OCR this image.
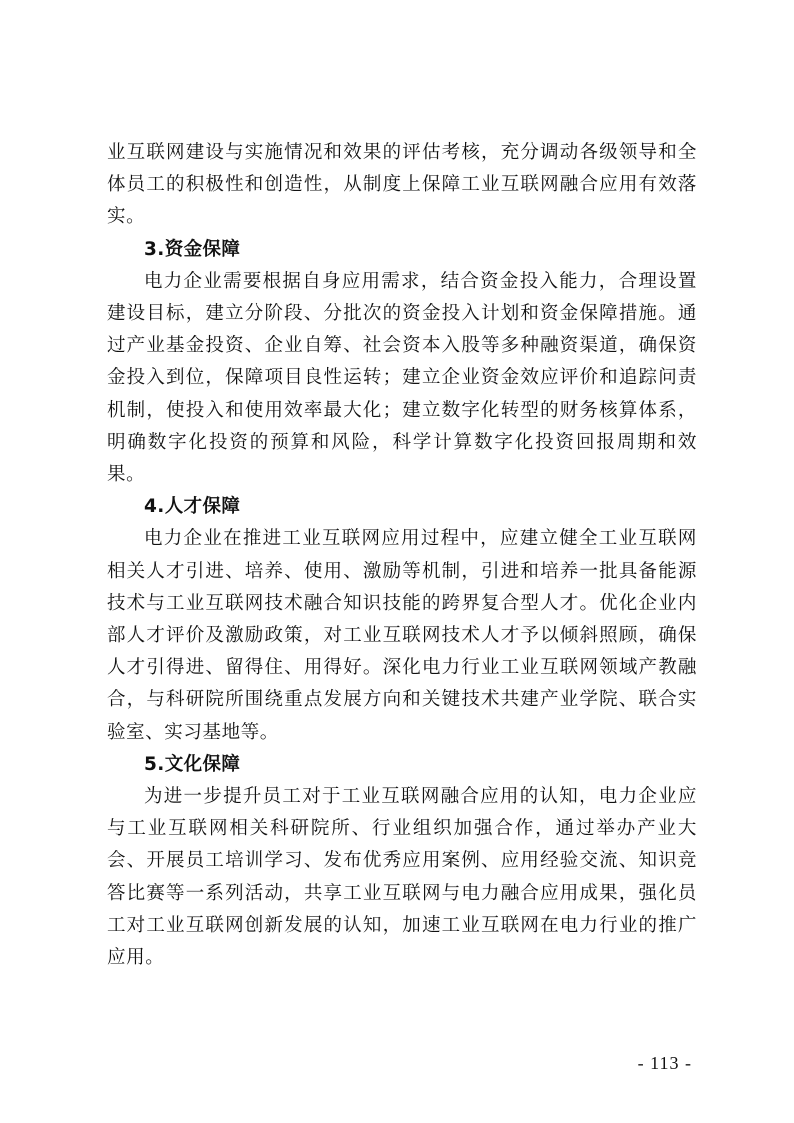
业互联网建设与实施情况和效果的评估考核，充分调动各级领导和全体员工的积极性和创造性，从制度上保障工业互联网融合应用有效落实。

3.资金保障

电力企业需要根据自身应用需求，结合资金投入能力，合理设置建设目标，建立分阶段、分批次的资金投入计划和资金保障措施。通过产业基金投资、企业自筹、社会资本入股等多种融资渠道，确保资金投入到位，保障项目良性运转；建立企业资金效应评价和追踪问责机制，使投入和使用效率最大化；建立数字化转型的财务核算体系，明确数字化投资的预算和风险，科学计算数字化投资回报周期和效果。

4.人才保障

电力企业在推进工业互联网应用过程中，应建立健全工业互联网相关人才引进、培养、使用、激励等机制，引进和培养一批具备能源技术与工业互联网技术融合知识技能的跨界复合型人才。优化企业内部人才评价及激励政策，对工业互联网技术人才予以倾斜照顾，确保人才引得进、留得住、用得好。深化电力行业工业互联网领域产教融合，与科研院所围绕重点发展方向和关键技术共建产业学院、联合实验室、实习基地等。

5.文化保障

为进一步提升员工对于工业互联网融合应用的认知，电力企业应与工业互联网相关科研院所、行业组织加强合作，通过举办产业大会、开展员工培训学习、发布优秀应用案例、应用经验交流、知识竞答比赛等一系列活动，共享工业互联网与电力融合应用成果，强化员工对工业互联网创新发展的认知，加速工业互联网在电力行业的推广应用。

- 113 -
